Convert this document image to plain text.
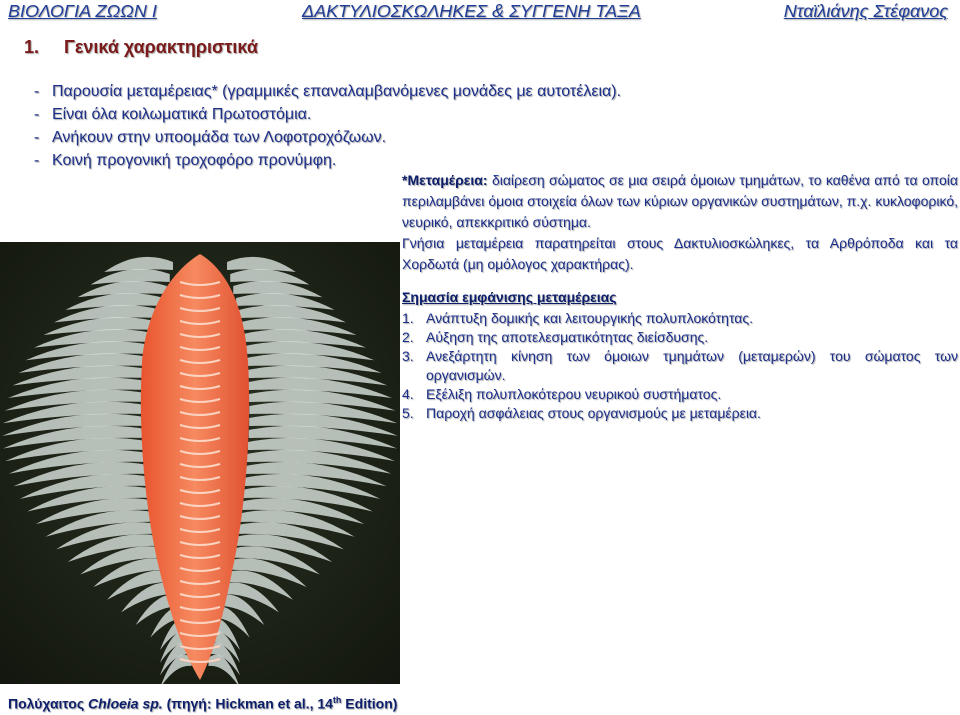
ΒΙΟΛΟΓΙΑ ΖΩΩΝ Ι	ΔΑΚΤΥΛΙΟΣΚΩΛΗΚΕΣ & ΣΥΓΓΕΝΗ ΤΑΞΑ	Νταϊλιάνης Στέφανος
1. Γενικά χαρακτηριστικά
- Παρουσία μεταμέρειας* (γραμμικές επαναλαμβανόμενες μονάδες με αυτοτέλεια).
- Είναι όλα κοιλωματικά Πρωτοστόμια.
- Ανήκουν στην υποομάδα των Λοφοτροχόζωων.
- Κοινή προγονική τροχοφόρο προνύμφη.

*Μεταμέρεια: διαίρεση σώματος σε μια σειρά όμοιων τμημάτων, το καθένα από τα οποία περιλαμβάνει όμοια στοιχεία όλων των κύριων οργανικών συστημάτων, π.χ. κυκλοφορικό, νευρικό, απεκκριτικό σύστημα.

Γνήσια μεταμέρεια παρατηρείται στους Δακτυλιοσκώληκες, τα Αρθρόποδα και τα Χορδωτά (μη ομόλογος χαρακτήρας).

Σημασία εμφάνισης μεταμέρειας
1. Ανάπτυξη δομικής και λειτουργικής πολυπλοκότητας.
2. Αύξηση της αποτελεσματικότητας διείσδυσης.
3. Ανεξάρτητη κίνηση των όμοιων τμημάτων (μεταμερών) του σώματος των οργανισμών.
4. Εξέλιξη πολυπλοκότερου νευρικού συστήματος.
5. Παροχή ασφάλειας στους οργανισμούς με μεταμέρεια.
Πολύχαιτος Chloeia sp. (πηγή: Hickman et al., 14th Edition)
